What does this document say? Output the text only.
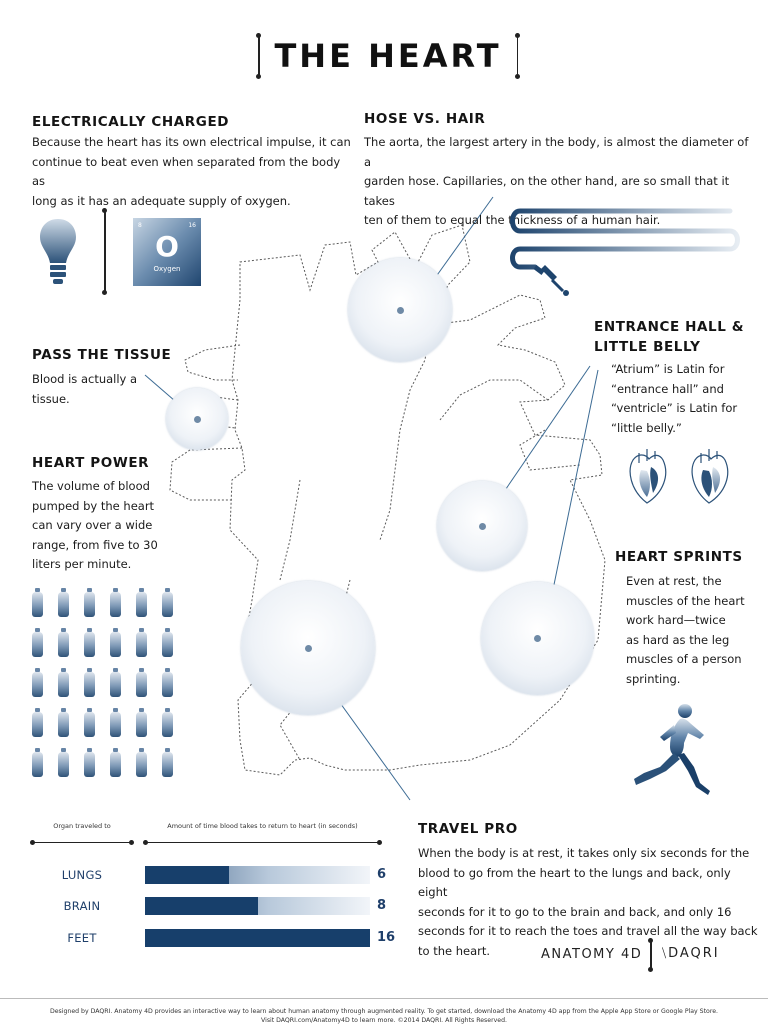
THE HEART
ELECTRICALLY CHARGED
Because the heart has its own electrical impulse, it can
continue to beat even when separated from the body as
long as it has an adequate supply of oxygen.
8	16
O
Oxygen
HOSE VS. HAIR
The aorta, the largest artery in the body, is almost the diameter of a
garden hose. Capillaries, on the other hand, are so small that it takes
ten of them to equal the thickness of a human hair.
PASS THE TISSUE
Blood is actually a
tissue.
ENTRANCE HALL &
LITTLE BELLY
“Atrium” is Latin for
“entrance hall” and
“ventricle” is Latin for
“little belly.”
HEART POWER
The volume of blood
pumped by the heart
can vary over a wide
range, from five to 30
liters per minute.	HEART SPRINTS
Even at rest, the
muscles of the heart
work hard—twice
as hard as the leg
muscles of a person
sprinting.
Organ traveled to	Amount of time blood takes to return to heart (in seconds)
LUNGS	6
BRAIN	8
FEET	16
TRAVEL PRO
When the body is at rest, it takes only six seconds for the
blood to go from the heart to the lungs and back, only eight
seconds for it to go to the brain and back, and only 16
seconds for it to reach the toes and travel all the way back
to the heart.	ANATOMY 4D ⧹DAQRI
Designed by DAQRI. Anatomy 4D provides an interactive way to learn about human anatomy through augmented reality. To get started, download the Anatomy 4D app from the Apple App Store or Google Play Store.
Visit DAQRI.com/Anatomy4D to learn more. ©2014 DAQRI. All Rights Reserved.
